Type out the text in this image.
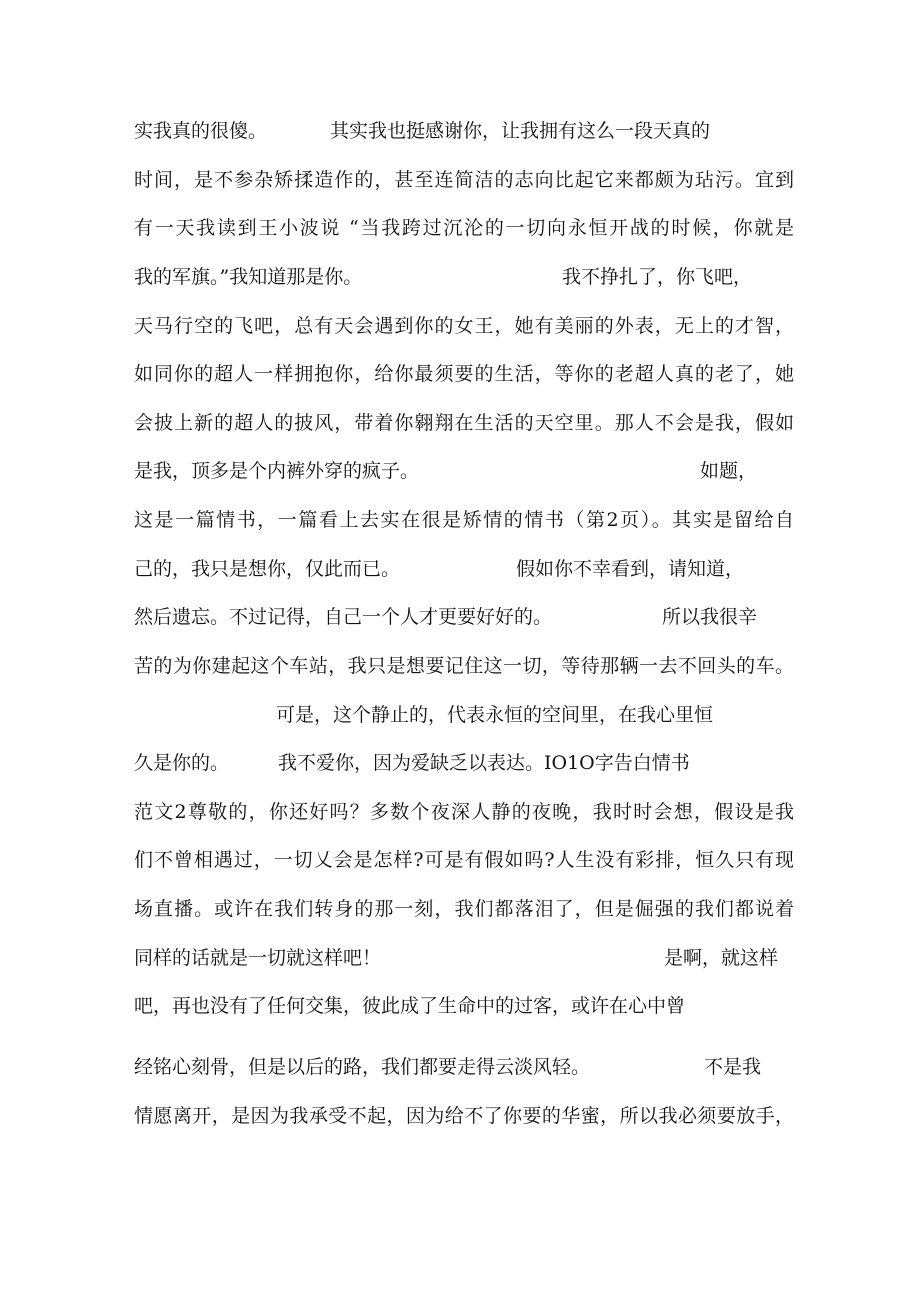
实我真的很傻。

	其实我也挺感谢你，让我拥有这么一段天真的

时间，是不参杂矫揉造作的，甚至连简洁的志向比起它来都颇为玷污。宜到

有一天我读到王小波说 “当我跨过沉沦的一切向永恒开战的时候，你就是

我的军旗。”我知道那是你。

	我不挣扎了，你飞吧，

天马行空的飞吧，总有天会遇到你的女王，她有美丽的外表，无上的才智，

如同你的超人一样拥抱你，给你最须要的生活，等你的老超人真的老了，她

会披上新的超人的披风，带着你翱翔在生活的天空里。那人不会是我，假如

是我，顶多是个内裤外穿的疯子。

	如题，

这是一篇情书，一篇看上去实在很是矫情的情书（第2页）。其实是留给自

己的，我只是想你，仅此而已。

	假如你不幸看到，请知道，

然后遗忘。不过记得，自己一个人才更要好好的。

	所以我很辛

苦的为你建起这个车站，我只是想要记住这一切，等待那辆一去不回头的车。

可是，这个静止的，代表永恒的空间里，在我心里恒

久是你的。

	我不爱你，因为爱缺乏以表达。IO1O字告白情书

范文2尊敬的，你还好吗？多数个夜深人静的夜晚，我时时会想，假设是我

们不曾相遇过，一切乂会是怎样?可是有假如吗?人生没有彩排，恒久只有现

场直播。或许在我们转身的那一刻，我们都落泪了，但是倔强的我们都说着

同样的话就是一切就这样吧！

	是啊，就这样

吧，再也没有了任何交集，彼此成了生命中的过客，或许在心中曾

经铭心刻骨，但是以后的路，我们都要走得云淡风轻。

	不是我

情愿离开，是因为我承受不起，因为给不了你要的华蜜，所以我必须要放手，
